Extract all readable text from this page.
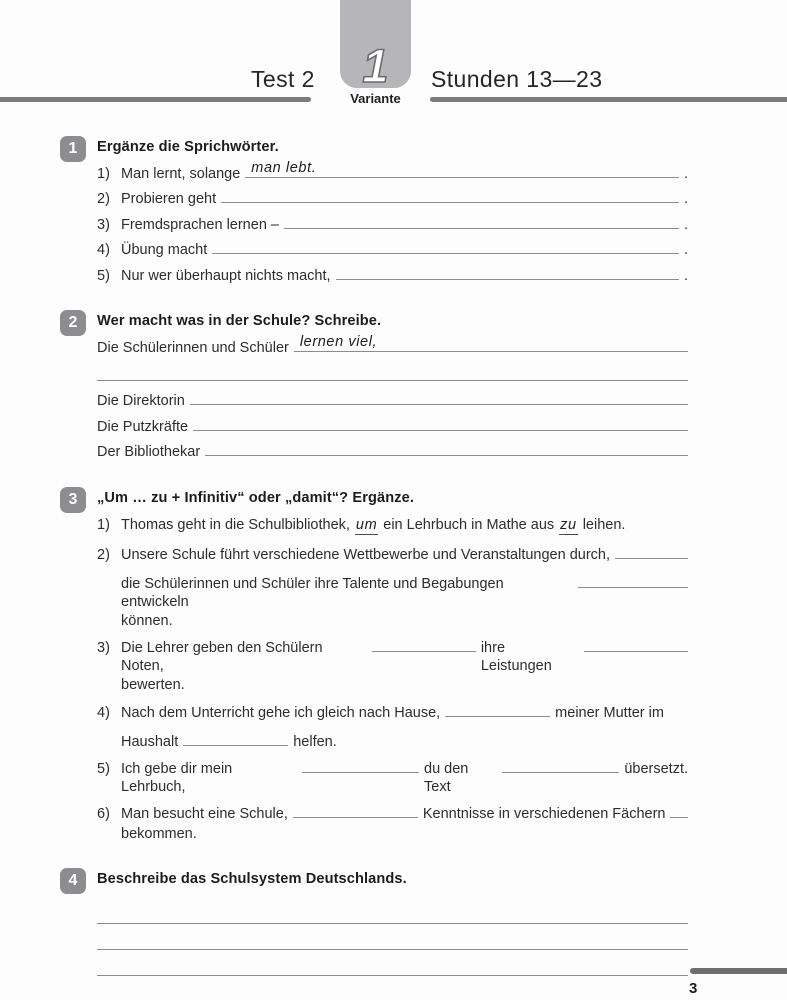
1
Variante
Test 2	Stunden 13—23
1	Ergänze die Sprichwörter.
1) Man lernt, solange man lebt.	.
2) Probieren geht	.
3) Fremdsprachen lernen –	.
4) Übung macht	.
5) Nur wer überhaupt nichts macht,	.
2	Wer macht was in der Schule? Schreibe.
Die Schülerinnen und Schüler lernen viel,
Die Direktorin
Die Putzkräfte
Der Bibliothekar
3	„Um … zu + Infinitiv“ oder „damit“? Ergänze.
1) Thomas geht in die Schulbibliothek, um ein Lehrbuch in Mathe aus zu leihen.
2) Unsere Schule führt verschiedene Wettbewerbe und Veranstaltungen durch,
die Schülerinnen und Schüler ihre Talente und Begabungen entwickeln
können.
3) Die Lehrer geben den Schülern Noten,
ihre Leistungen
bewerten.
4) Nach dem Unterricht gehe ich gleich nach Hause,	meiner Mutter im
Haushalt	helfen.
5) Ich gebe dir mein Lehrbuch,
du den Text
übersetzt.
6) Man besucht eine Schule,	Kenntnisse in verschiedenen Fächern
bekommen.
4	Beschreibe das Schulsystem Deutschlands.
3
